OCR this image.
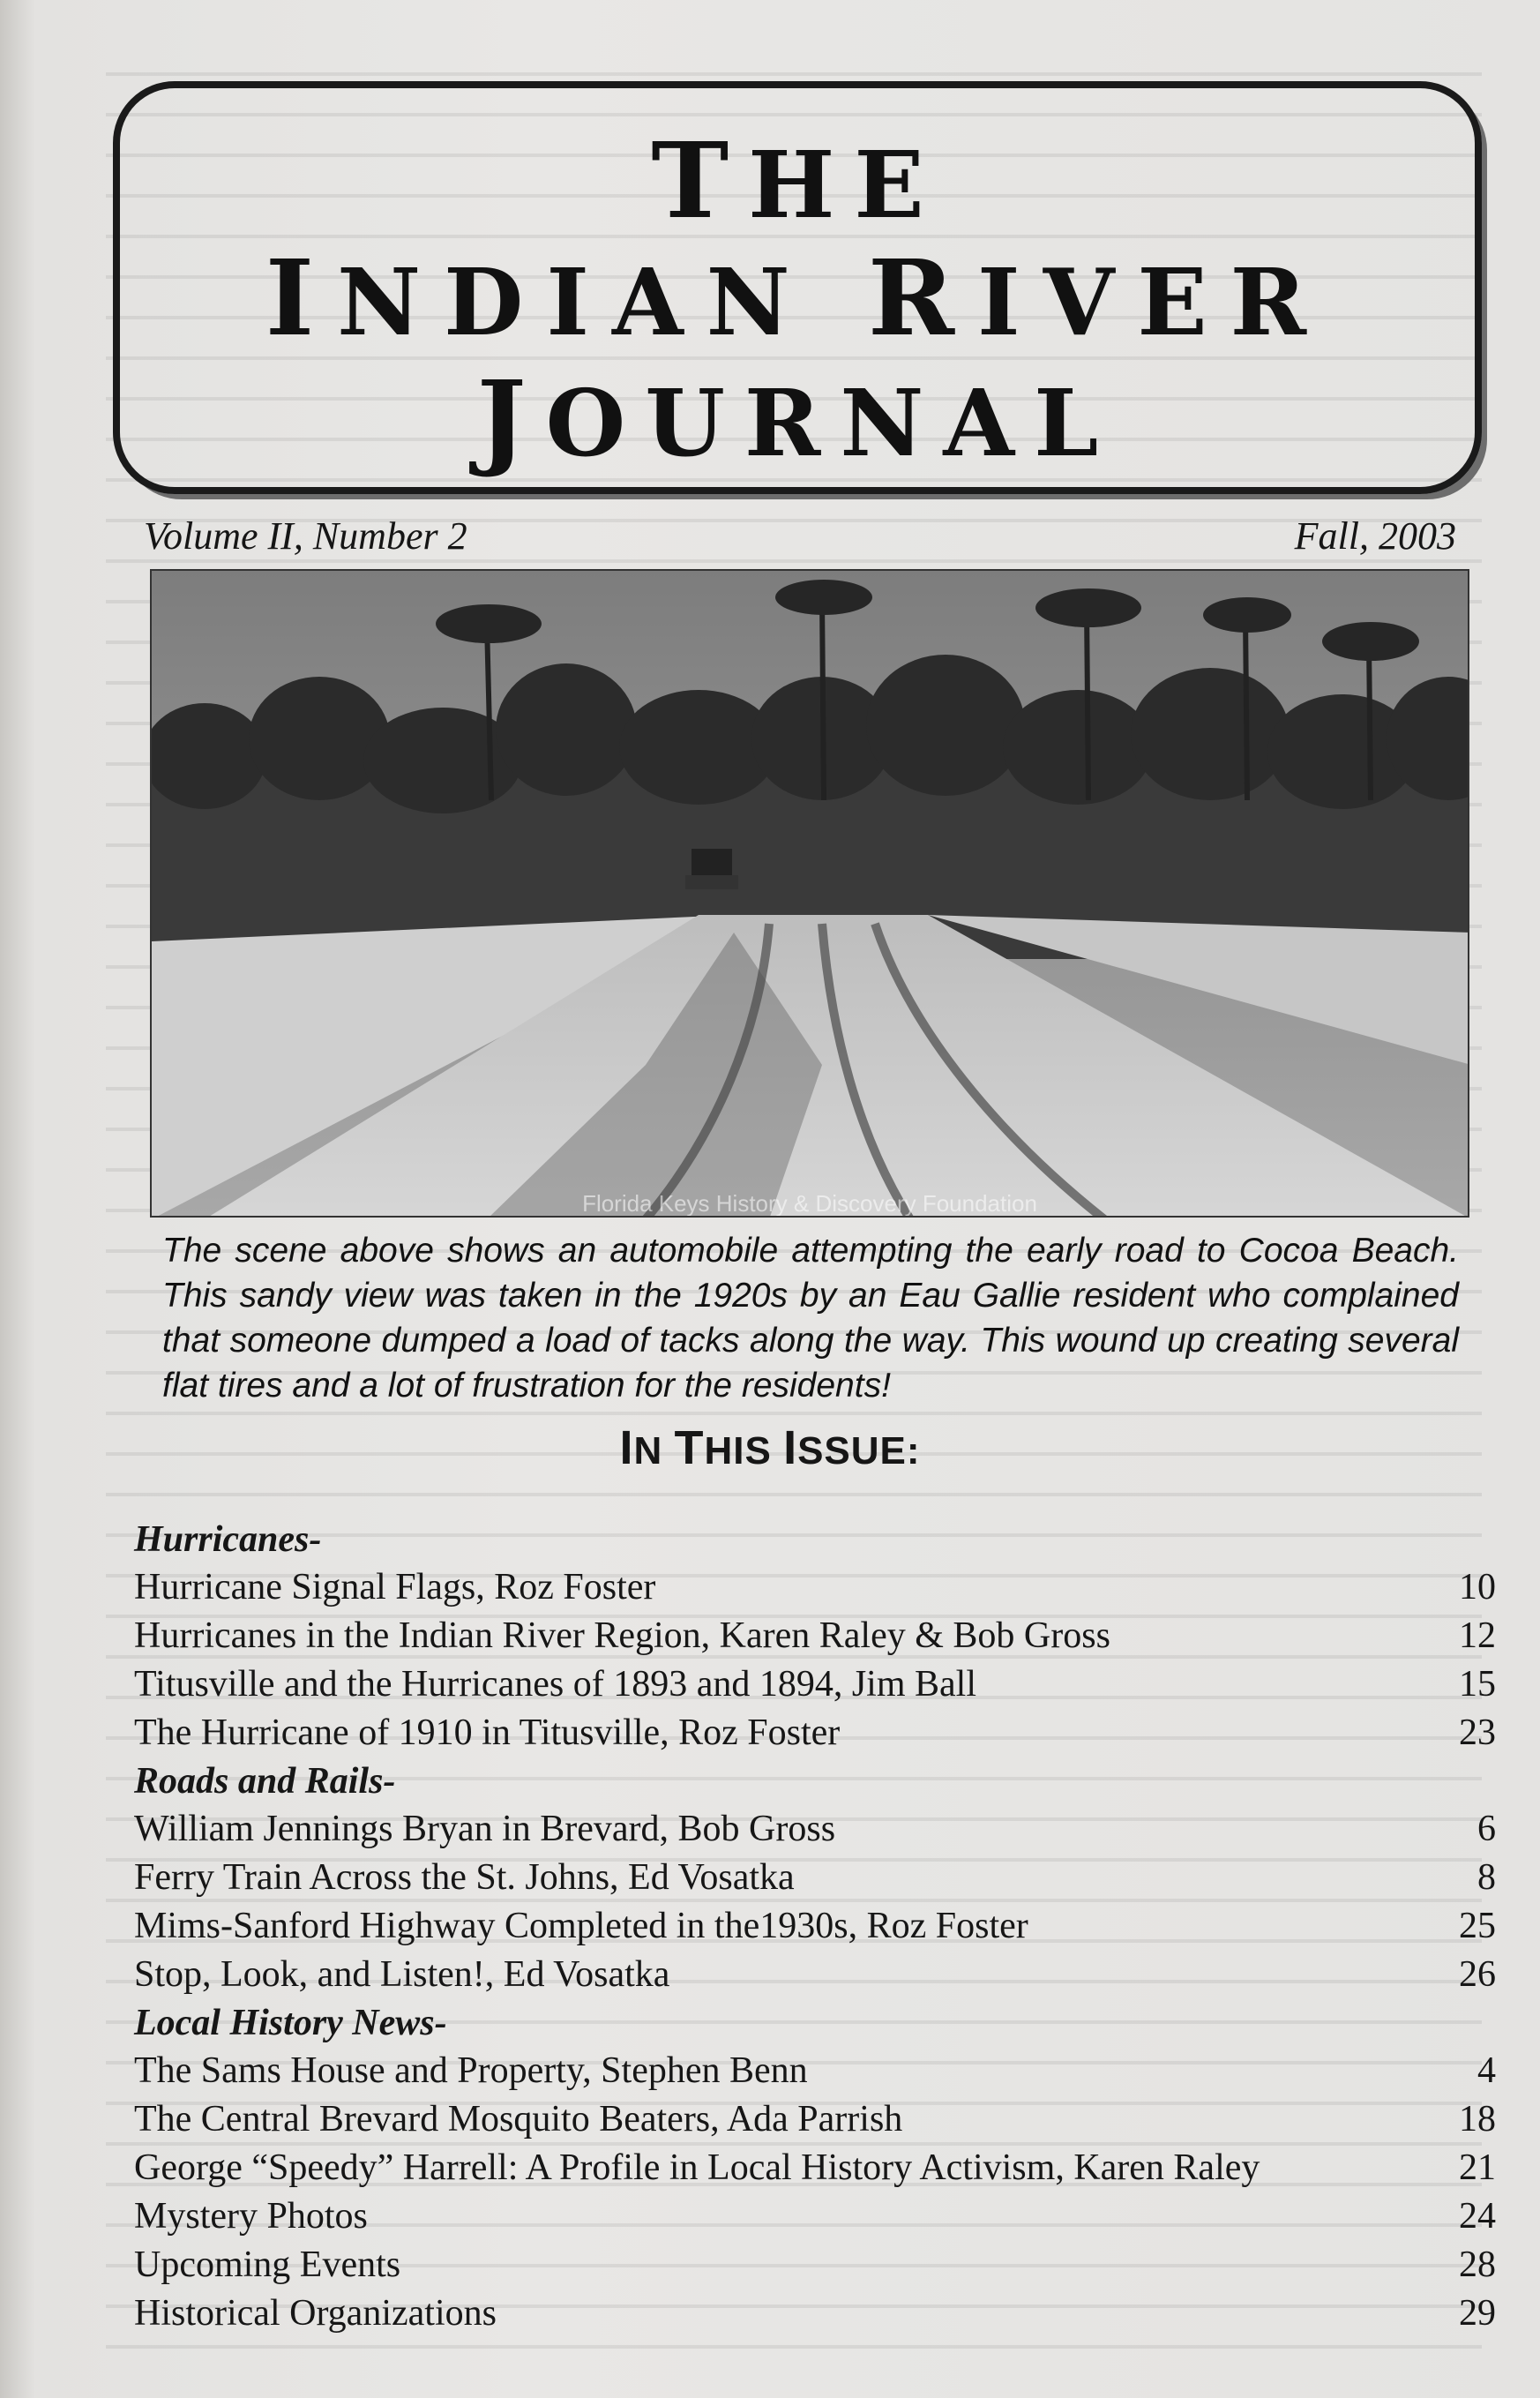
THE
INDIAN RIVER
JOURNAL
Volume II, Number 2	Fall, 2003
Florida Keys History & Discovery Foundation
The scene above shows an automobile attempting the early road to Cocoa Beach. This sandy view was taken in the 1920s by an Eau Gallie resident who complained that someone dumped a load of tacks along the way. This wound up creating several flat tires and a lot of frustration for the residents!
IN THIS ISSUE:
Hurricanes-
Hurricane Signal Flags, Roz Foster	10
Hurricanes in the Indian River Region, Karen Raley & Bob Gross	12
Titusville and the Hurricanes of 1893 and 1894, Jim Ball	15
The Hurricane of 1910 in Titusville, Roz Foster	23
Roads and Rails-
William Jennings Bryan in Brevard, Bob Gross	6
Ferry Train Across the St. Johns, Ed Vosatka	8
Mims-Sanford Highway Completed in the1930s, Roz Foster	25
Stop, Look, and Listen!, Ed Vosatka	26
Local History News-
The Sams House and Property, Stephen Benn	4
The Central Brevard Mosquito Beaters, Ada Parrish	18
George “Speedy” Harrell: A Profile in Local History Activism, Karen Raley	21
Mystery Photos	24
Upcoming Events	28
Historical Organizations	29
